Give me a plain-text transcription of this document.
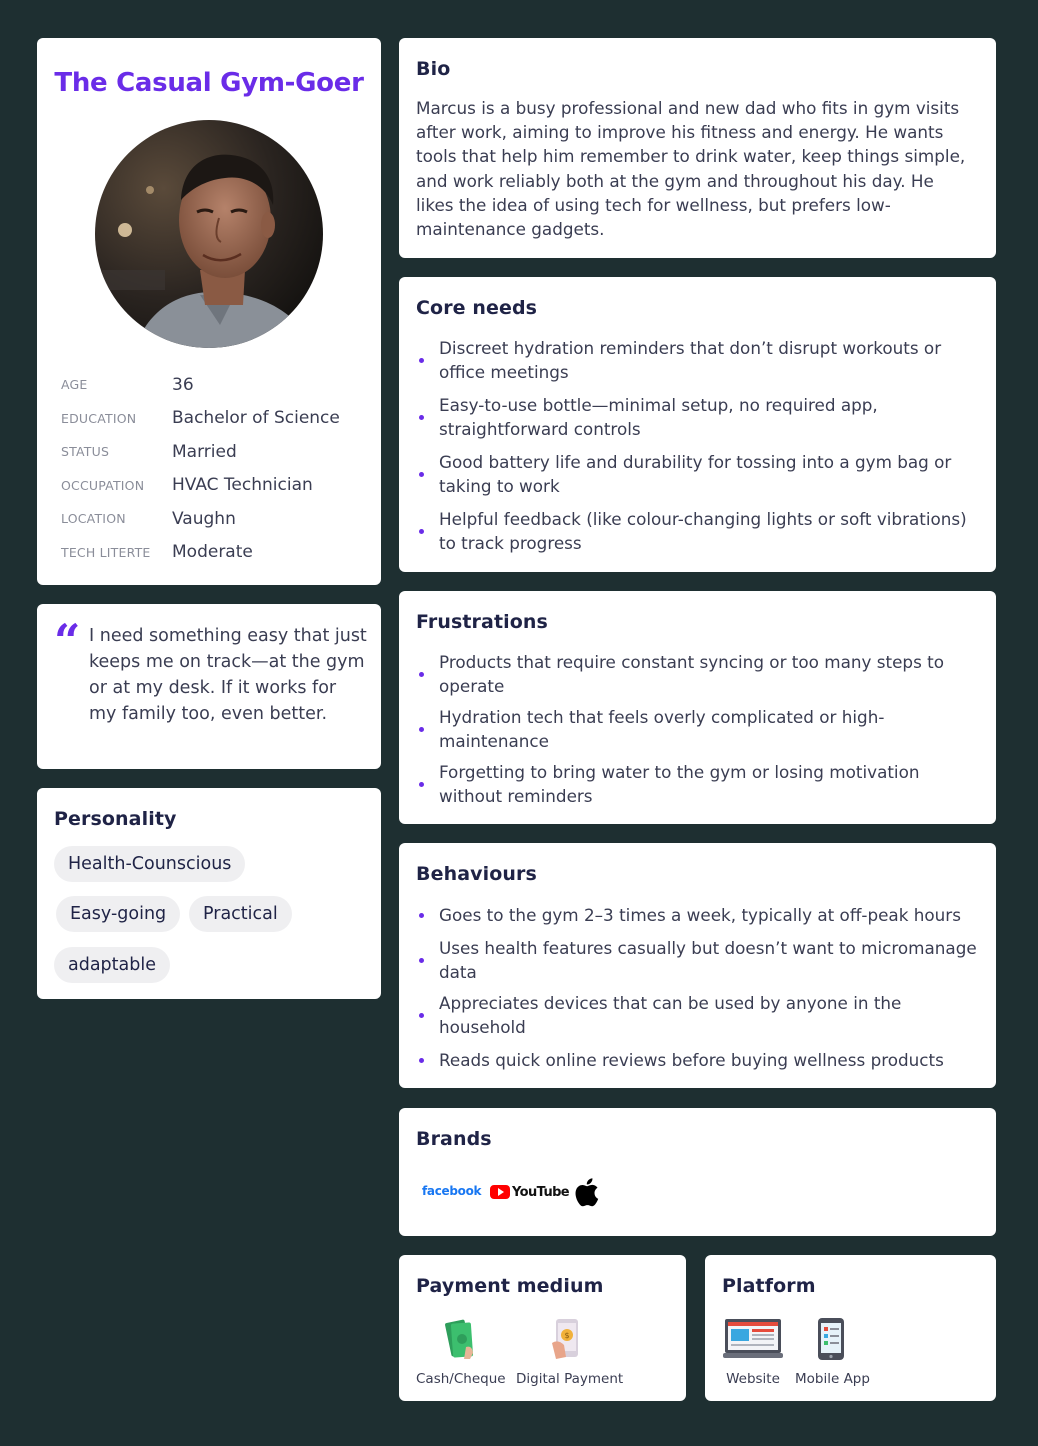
The Casual Gym-Goer
AGE	36
EDUCATION	Bachelor of Science
STATUS	Married
OCCUPATION	HVAC Technician
LOCATION	Vaughn
TECH LITERTE	Moderate
“ I need something easy that just keeps me on track—at the gym or at my desk. If it works for my family too, even better.
Personality
Health-Counscious
Easy-going	Practical
adaptable
Bio
Marcus is a busy professional and new dad who fits in gym visits after work, aiming to improve his fitness and energy. He wants tools that help him remember to drink water, keep things simple, and work reliably both at the gym and throughout his day. He likes the idea of using tech for wellness, but prefers low-maintenance gadgets.
Core needs
Discreet hydration reminders that don’t disrupt workouts or office meetings
Easy-to-use bottle—minimal setup, no required app, straightforward controls
Good battery life and durability for tossing into a gym bag or taking to work
Helpful feedback (like colour-changing lights or soft vibrations) to track progress
Frustrations
Products that require constant syncing or too many steps to operate
Hydration tech that feels overly complicated or high-maintenance
Forgetting to bring water to the gym or losing motivation without reminders
Behaviours
Goes to the gym 2–3 times a week, typically at off-peak hours
Uses health features casually but doesn’t want to micromanage data
Appreciates devices that can be used by anyone in the household
Reads quick online reviews before buying wellness products
Brands
facebook YouTube
Payment medium
Cash/Cheque
$
Digital Payment
Platform
Website	Mobile App
